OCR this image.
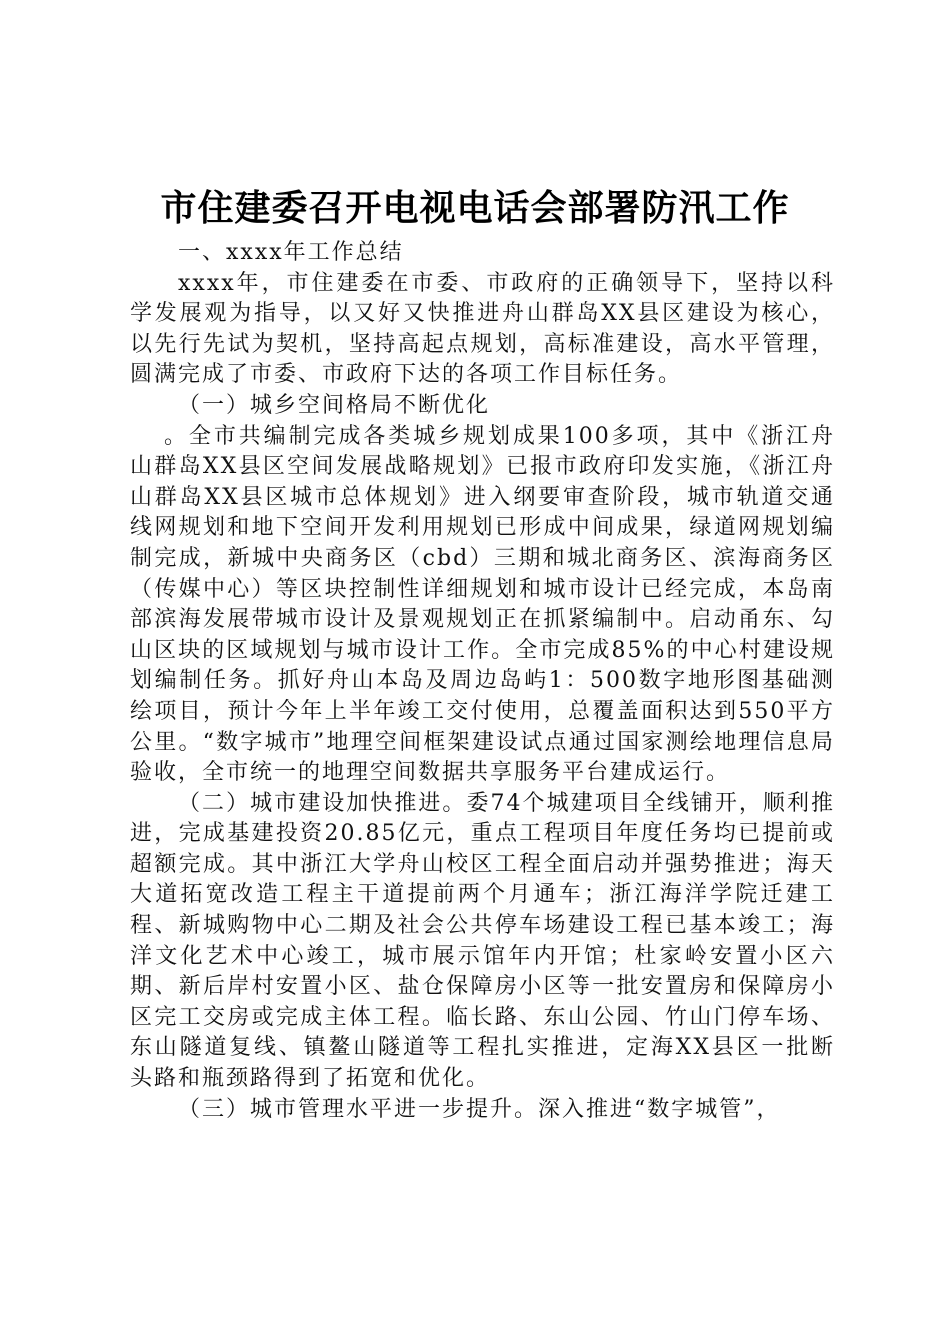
市住建委召开电视电话会部署防汛工作

一、xxxx年工作总结

xxxx年，市住建委在市委、市政府的正确领导下，坚持以科学发展观为指导，以又好又快推进舟山群岛XX县区建设为核心，以先行先试为契机，坚持高起点规划，高标准建设，高水平管理，圆满完成了市委、市政府下达的各项工作目标任务。

（一）城乡空间格局不断优化

。全市共编制完成各类城乡规划成果100多项，其中《浙江舟山群岛XX县区空间发展战略规划》已报市政府印发实施，《浙江舟山群岛XX县区城市总体规划》进入纲要审查阶段，城市轨道交通线网规划和地下空间开发利用规划已形成中间成果，绿道网规划编制完成，新城中央商务区（cbd）三期和城北商务区、滨海商务区（传媒中心）等区块控制性详细规划和城市设计已经完成，本岛南部滨海发展带城市设计及景观规划正在抓紧编制中。启动甬东、勾山区块的区域规划与城市设计工作。全市完成85%的中心村建设规划编制任务。抓好舟山本岛及周边岛屿1：500数字地形图基础测绘项目，预计今年上半年竣工交付使用，总覆盖面积达到550平方公里。“数字城市”地理空间框架建设试点通过国家测绘地理信息局验收，全市统一的地理空间数据共享服务平台建成运行。

（二）城市建设加快推进。委74个城建项目全线铺开，顺利推进，完成基建投资20.85亿元，重点工程项目年度任务均已提前或超额完成。其中浙江大学舟山校区工程全面启动并强势推进；海天大道拓宽改造工程主干道提前两个月通车；浙江海洋学院迁建工程、新城购物中心二期及社会公共停车场建设工程已基本竣工；海洋文化艺术中心竣工，城市展示馆年内开馆；杜家岭安置小区六期、新后岸村安置小区、盐仓保障房小区等一批安置房和保障房小区完工交房或完成主体工程。临长路、东山公园、竹山门停车场、东山隧道复线、镇鳌山隧道等工程扎实推进，定海XX县区一批断头路和瓶颈路得到了拓宽和优化。

（三）城市管理水平进一步提升。深入推进“数字城管”，
